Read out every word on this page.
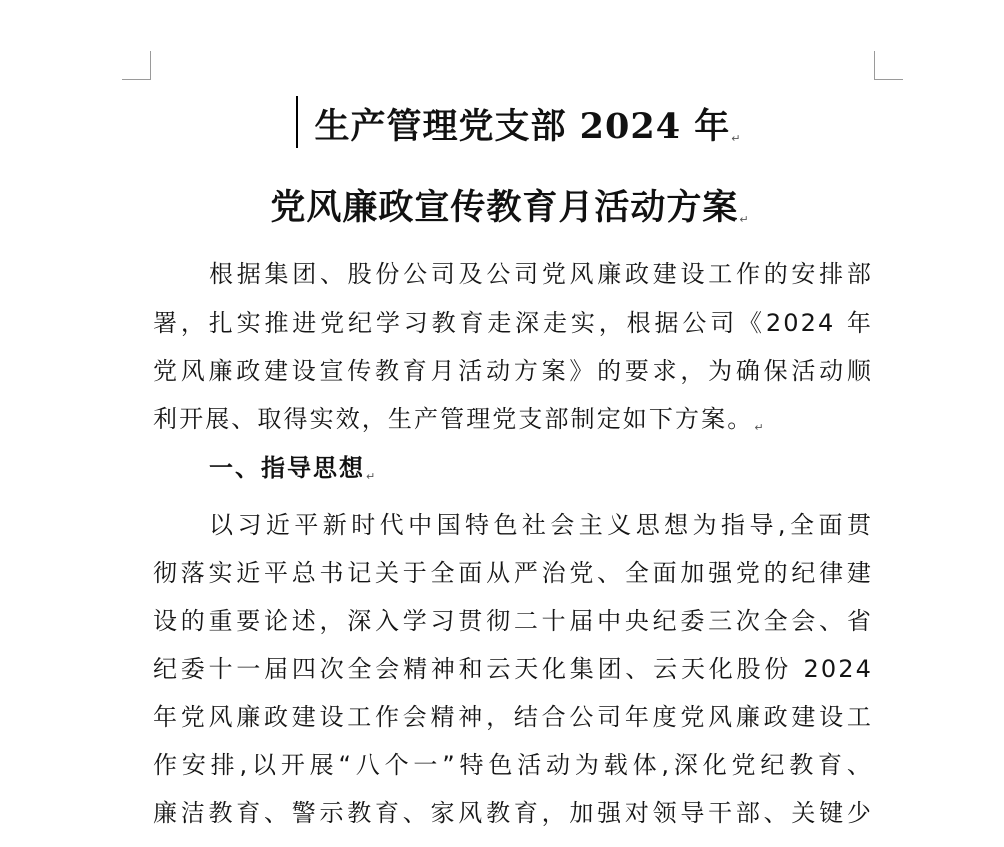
生产管理党支部 2024 年↵
党风廉政宣传教育月活动方案↵
根据集团、股份公司及公司党风廉政建设工作的安排部
署，扎实推进党纪学习教育走深走实，根据公司《2024 年
党风廉政建设宣传教育月活动方案》的要求，为确保活动顺
利开展、取得实效，生产管理党支部制定如下方案。↵
一、指导思想↵
以习近平新时代中国特色社会主义思想为指导,全面贯
彻落实近平总书记关于全面从严治党、全面加强党的纪律建
设的重要论述，深入学习贯彻二十届中央纪委三次全会、省
纪委十一届四次全会精神和云天化集团、云天化股份 2024
年党风廉政建设工作会精神，结合公司年度党风廉政建设工
作安排,以开展“八个一”特色活动为载体,深化党纪教育、
廉洁教育、警示教育、家风教育，加强对领导干部、关键少
